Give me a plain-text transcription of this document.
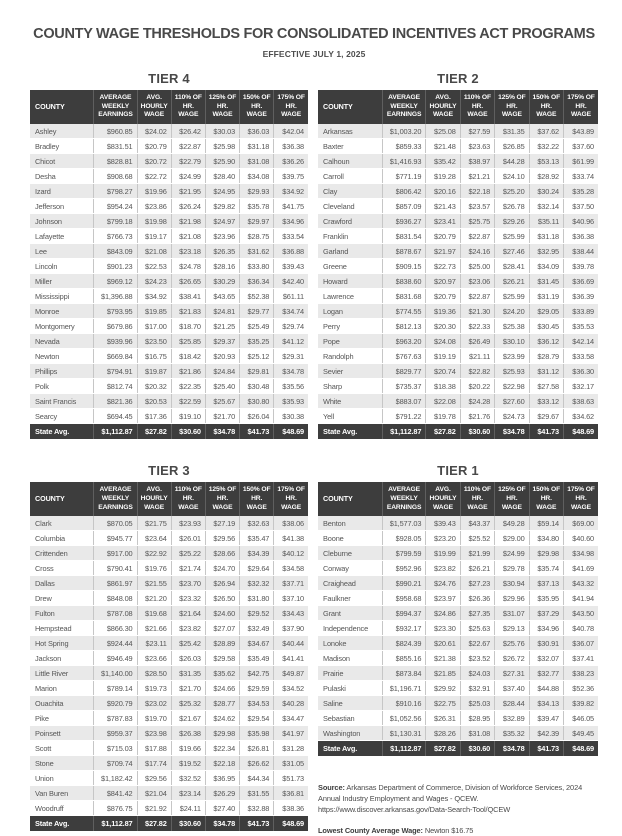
COUNTY WAGE THRESHOLDS FOR CONSOLIDATED INCENTIVES ACT PROGRAMS
EFFECTIVE JULY 1, 2025
TIER 4
COUNTY	AVERAGE WEEKLY EARNINGS	AVG. HOURLY WAGE	110% OF HR. WAGE	125% OF HR. WAGE	150% OF HR. WAGE	175% OF HR. WAGE
Ashley	$960.85	$24.02	$26.42	$30.03	$36.03	$42.04
Bradley	$831.51	$20.79	$22.87	$25.98	$31.18	$36.38
Chicot	$828.81	$20.72	$22.79	$25.90	$31.08	$36.26
Desha	$908.68	$22.72	$24.99	$28.40	$34.08	$39.75
Izard	$798.27	$19.96	$21.95	$24.95	$29.93	$34.92
Jefferson	$954.24	$23.86	$26.24	$29.82	$35.78	$41.75
Johnson	$799.18	$19.98	$21.98	$24.97	$29.97	$34.96
Lafayette	$766.73	$19.17	$21.08	$23.96	$28.75	$33.54
Lee	$843.09	$21.08	$23.18	$26.35	$31.62	$36.88
Lincoln	$901.23	$22.53	$24.78	$28.16	$33.80	$39.43
Miller	$969.12	$24.23	$26.65	$30.29	$36.34	$42.40
Mississippi	$1,396.88	$34.92	$38.41	$43.65	$52.38	$61.11
Monroe	$793.95	$19.85	$21.83	$24.81	$29.77	$34.74
Montgomery	$679.86	$17.00	$18.70	$21.25	$25.49	$29.74
Nevada	$939.96	$23.50	$25.85	$29.37	$35.25	$41.12
Newton	$669.84	$16.75	$18.42	$20.93	$25.12	$29.31
Phillips	$794.91	$19.87	$21.86	$24.84	$29.81	$34.78
Polk	$812.74	$20.32	$22.35	$25.40	$30.48	$35.56
Saint Francis	$821.36	$20.53	$22.59	$25.67	$30.80	$35.93
Searcy	$694.45	$17.36	$19.10	$21.70	$26.04	$30.38
State Avg.	$1,112.87	$27.82	$30.60	$34.78	$41.73	$48.69
TIER 2
COUNTY	AVERAGE WEEKLY EARNINGS	AVG. HOURLY WAGE	110% OF HR. WAGE	125% OF HR. WAGE	150% OF HR. WAGE	175% OF HR. WAGE
Arkansas	$1,003.20	$25.08	$27.59	$31.35	$37.62	$43.89
Baxter	$859.33	$21.48	$23.63	$26.85	$32.22	$37.60
Calhoun	$1,416.93	$35.42	$38.97	$44.28	$53.13	$61.99
Carroll	$771.19	$19.28	$21.21	$24.10	$28.92	$33.74
Clay	$806.42	$20.16	$22.18	$25.20	$30.24	$35.28
Cleveland	$857.09	$21.43	$23.57	$26.78	$32.14	$37.50
Crawford	$936.27	$23.41	$25.75	$29.26	$35.11	$40.96
Franklin	$831.54	$20.79	$22.87	$25.99	$31.18	$36.38
Garland	$878.67	$21.97	$24.16	$27.46	$32.95	$38.44
Greene	$909.15	$22.73	$25.00	$28.41	$34.09	$39.78
Howard	$838.60	$20.97	$23.06	$26.21	$31.45	$36.69
Lawrence	$831.68	$20.79	$22.87	$25.99	$31.19	$36.39
Logan	$774.55	$19.36	$21.30	$24.20	$29.05	$33.89
Perry	$812.13	$20.30	$22.33	$25.38	$30.45	$35.53
Pope	$963.20	$24.08	$26.49	$30.10	$36.12	$42.14
Randolph	$767.63	$19.19	$21.11	$23.99	$28.79	$33.58
Sevier	$829.77	$20.74	$22.82	$25.93	$31.12	$36.30
Sharp	$735.37	$18.38	$20.22	$22.98	$27.58	$32.17
White	$883.07	$22.08	$24.28	$27.60	$33.12	$38.63
Yell	$791.22	$19.78	$21.76	$24.73	$29.67	$34.62
State Avg.	$1,112.87	$27.82	$30.60	$34.78	$41.73	$48.69
TIER 3
COUNTY	AVERAGE WEEKLY EARNINGS	AVG. HOURLY WAGE	110% OF HR. WAGE	125% OF HR. WAGE	150% OF HR. WAGE	175% OF HR. WAGE
Clark	$870.05	$21.75	$23.93	$27.19	$32.63	$38.06
Columbia	$945.77	$23.64	$26.01	$29.56	$35.47	$41.38
Crittenden	$917.00	$22.92	$25.22	$28.66	$34.39	$40.12
Cross	$790.41	$19.76	$21.74	$24.70	$29.64	$34.58
Dallas	$861.97	$21.55	$23.70	$26.94	$32.32	$37.71
Drew	$848.08	$21.20	$23.32	$26.50	$31.80	$37.10
Fulton	$787.08	$19.68	$21.64	$24.60	$29.52	$34.43
Hempstead	$866.30	$21.66	$23.82	$27.07	$32.49	$37.90
Hot Spring	$924.44	$23.11	$25.42	$28.89	$34.67	$40.44
Jackson	$946.49	$23.66	$26.03	$29.58	$35.49	$41.41
Little River	$1,140.00	$28.50	$31.35	$35.62	$42.75	$49.87
Marion	$789.14	$19.73	$21.70	$24.66	$29.59	$34.52
Ouachita	$920.79	$23.02	$25.32	$28.77	$34.53	$40.28
Pike	$787.83	$19.70	$21.67	$24.62	$29.54	$34.47
Poinsett	$959.37	$23.98	$26.38	$29.98	$35.98	$41.97
Scott	$715.03	$17.88	$19.66	$22.34	$26.81	$31.28
Stone	$709.74	$17.74	$19.52	$22.18	$26.62	$31.05
Union	$1,182.42	$29.56	$32.52	$36.95	$44.34	$51.73
Van Buren	$841.42	$21.04	$23.14	$26.29	$31.55	$36.81
Woodruff	$876.75	$21.92	$24.11	$27.40	$32.88	$38.36
State Avg.	$1,112.87	$27.82	$30.60	$34.78	$41.73	$48.69
TIER 1
COUNTY	AVERAGE WEEKLY EARNINGS	AVG. HOURLY WAGE	110% OF HR. WAGE	125% OF HR. WAGE	150% OF HR. WAGE	175% OF HR. WAGE
Benton	$1,577.03	$39.43	$43.37	$49.28	$59.14	$69.00
Boone	$928.05	$23.20	$25.52	$29.00	$34.80	$40.60
Cleburne	$799.59	$19.99	$21.99	$24.99	$29.98	$34.98
Conway	$952.96	$23.82	$26.21	$29.78	$35.74	$41.69
Craighead	$990.21	$24.76	$27.23	$30.94	$37.13	$43.32
Faulkner	$958.68	$23.97	$26.36	$29.96	$35.95	$41.94
Grant	$994.37	$24.86	$27.35	$31.07	$37.29	$43.50
Independence	$932.17	$23.30	$25.63	$29.13	$34.96	$40.78
Lonoke	$824.39	$20.61	$22.67	$25.76	$30.91	$36.07
Madison	$855.16	$21.38	$23.52	$26.72	$32.07	$37.41
Prairie	$873.84	$21.85	$24.03	$27.31	$32.77	$38.23
Pulaski	$1,196.71	$29.92	$32.91	$37.40	$44.88	$52.36
Saline	$910.16	$22.75	$25.03	$28.44	$34.13	$39.82
Sebastian	$1,052.56	$26.31	$28.95	$32.89	$39.47	$46.05
Washington	$1,130.31	$28.26	$31.08	$35.32	$42.39	$49.45
State Avg.	$1,112.87	$27.82	$30.60	$34.78	$41.73	$48.69

Source: Arkansas Department of Commerce, Division of Workforce Services, 2024 Annual Industry Employment and Wages - QCEW. https://www.discover.arkansas.gov/Data-Search-Tool/QCEW

Lowest County Average Wage: Newton $16.75
